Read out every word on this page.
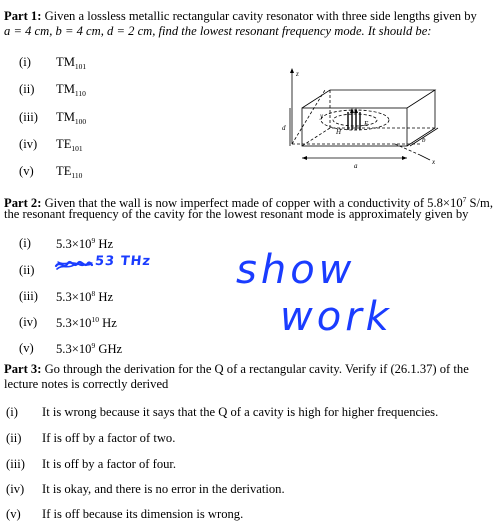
Part 1: Given a lossless metallic rectangular cavity resonator with three side lengths given by
a = 4 cm, b = 4 cm, d = 2 cm, find the lowest resonant frequency mode. It should be:
(i) $TM_{101}$
(ii) $TM_{110}$
(iii) $TM_{100}$
(iv) $TE_{101}$
(v) $TE_{110}$
z
x
a
b
d
y
H
E
Part 2: Given that the wall is now imperfect made of copper with a conductivity of $5.8\times 10^7$ S/m,
the resonant frequency of the cavity for the lowest resonant mode is approximately given by
(i) $5.3\times 10^9$ Hz
(ii)
53 THz
(iii) $5.3\times 10^8$ Hz
(iv) $5.3\times 10^{10}$ Hz
(v) $5.3\times 10^9$ GHz
show
work
Part 3: Go through the derivation for the Q of a rectangular cavity. Verify if (26.1.37) of the
lecture notes is correctly derived
(i) It is wrong because it says that the Q of a cavity is high for higher frequencies.
(ii) If is off by a factor of two.
(iii) It is off by a factor of four.
(iv) It is okay, and there is no error in the derivation.
(v) If is off because its dimension is wrong.
